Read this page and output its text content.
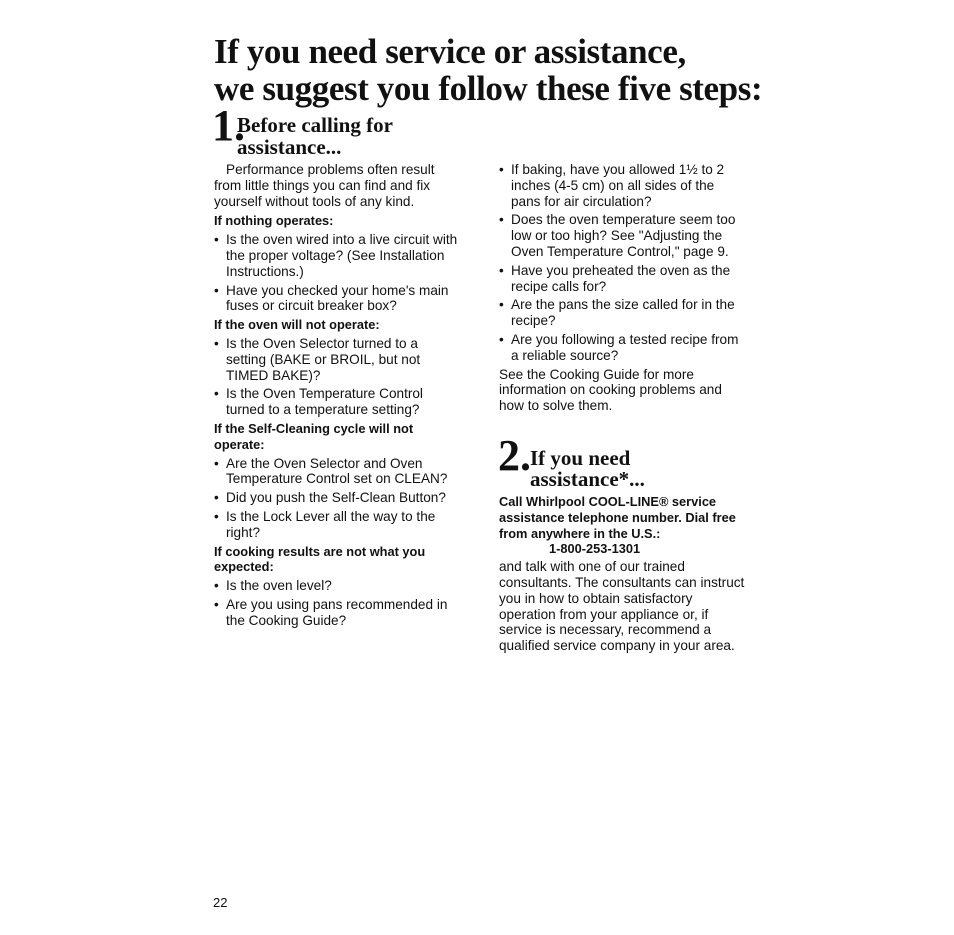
If you need service or assistance,
we suggest you follow these five steps:
1.
Before calling for
assistance...

Performance problems often result from little things you can find and fix yourself without tools of any kind.

If nothing operates:
• Is the oven wired into a live circuit with the proper voltage? (See Installation Instructions.)
• Have you checked your home's main fuses or circuit breaker box?
If the oven will not operate:
• Is the Oven Selector turned to a setting (BAKE or BROIL, but not TIMED BAKE)?
• Is the Oven Temperature Control turned to a temperature setting?
If the Self-Cleaning cycle will not operate:
• Are the Oven Selector and Oven Temperature Control set on CLEAN?
• Did you push the Self-Clean Button?
• Is the Lock Lever all the way to the right?
If cooking results are not what you expected:
• Is the oven level?
• Are you using pans recommended in the Cooking Guide?
• If baking, have you allowed 1½ to 2 inches (4-5 cm) on all sides of the pans for air circulation?
• Does the oven temperature seem too low or too high? See "Adjusting the Oven Temperature Control," page 9.
• Have you preheated the oven as the recipe calls for?
• Are the pans the size called for in the recipe?
• Are you following a tested recipe from a reliable source?

See the Cooking Guide for more information on cooking problems and how to solve them.

2. If you need
assistance*...

Call Whirlpool COOL-LINE® service assistance telephone number. Dial free from anywhere in the U.S.:

1-800-253-1301

and talk with one of our trained consultants. The consultants can instruct you in how to obtain satisfactory operation from your appliance or, if service is necessary, recommend a qualified service company in your area.

22
